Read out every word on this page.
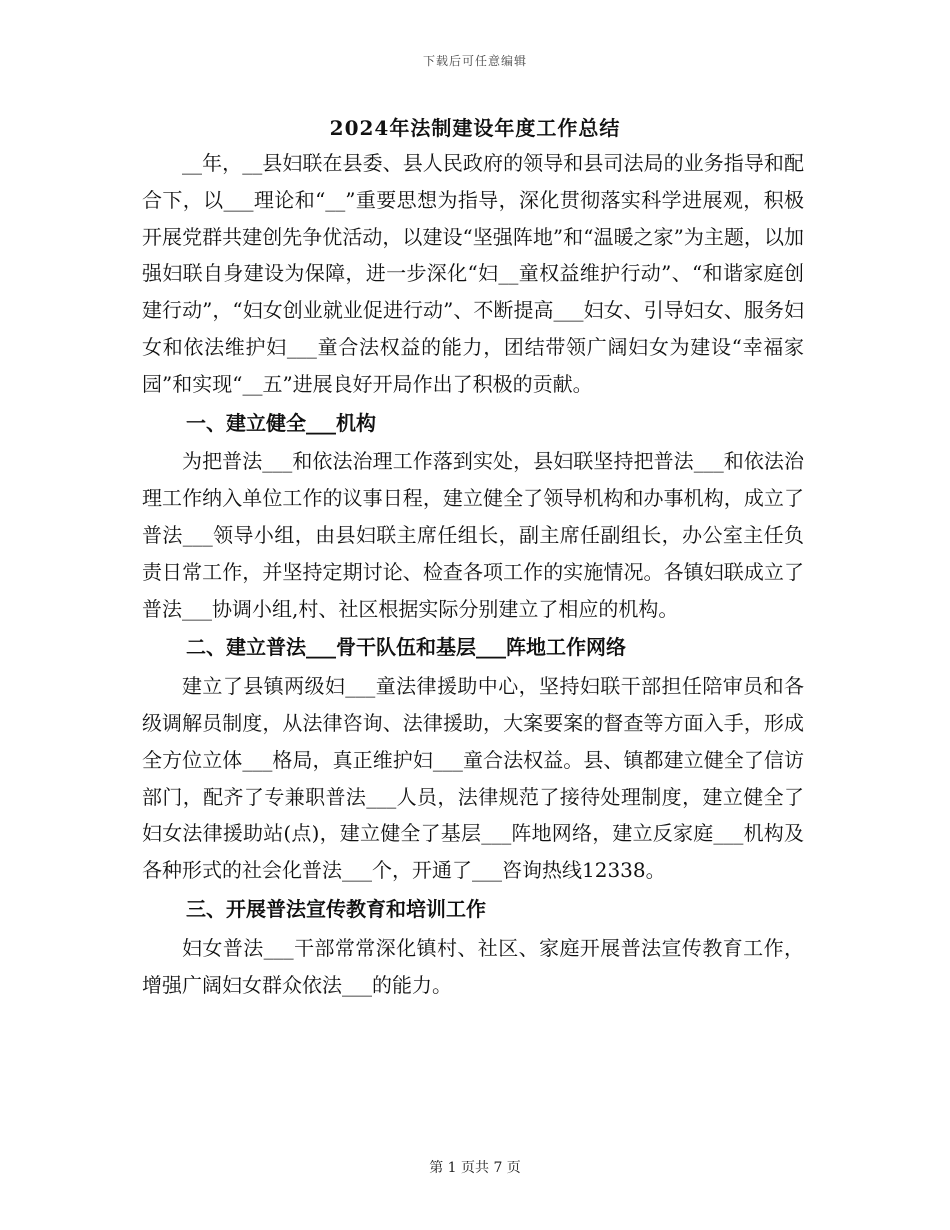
下载后可任意编辑
2024年法制建设年度工作总结

__年，__县妇联在县委、县人民政府的领导和县司法局的业务指导和配合下，以___理论和“__”重要思想为指导，深化贯彻落实科学进展观，积极开展党群共建创先争优活动，以建设“坚强阵地”和“温暖之家”为主题，以加强妇联自身建设为保障，进一步深化“妇__童权益维护行动”、“和谐家庭创建行动”，“妇女创业就业促进行动”、不断提高___妇女、引导妇女、服务妇女和依法维护妇___童合法权益的能力，团结带领广阔妇女为建设“幸福家园”和实现“__五”进展良好开局作出了积极的贡献。

一、建立健全___机构

为把普法___和依法治理工作落到实处，县妇联坚持把普法___和依法治理工作纳入单位工作的议事日程，建立健全了领导机构和办事机构，成立了普法___领导小组，由县妇联主席任组长，副主席任副组长，办公室主任负责日常工作，并坚持定期讨论、检查各项工作的实施情况。各镇妇联成立了普法___协调小组,村、社区根据实际分别建立了相应的机构。

二、建立普法___骨干队伍和基层___阵地工作网络

建立了县镇两级妇___童法律援助中心，坚持妇联干部担任陪审员和各级调解员制度，从法律咨询、法律援助，大案要案的督查等方面入手，形成全方位立体___格局，真正维护妇___童合法权益。县、镇都建立健全了信访部门，配齐了专兼职普法___人员，法律规范了接待处理制度，建立健全了妇女法律援助站(点)，建立健全了基层___阵地网络，建立反家庭___机构及各种形式的社会化普法___个，开通了___咨询热线12338。

三、开展普法宣传教育和培训工作

妇女普法___干部常常深化镇村、社区、家庭开展普法宣传教育工作，增强广阔妇女群众依法___的能力。

第 1 页共 7 页
